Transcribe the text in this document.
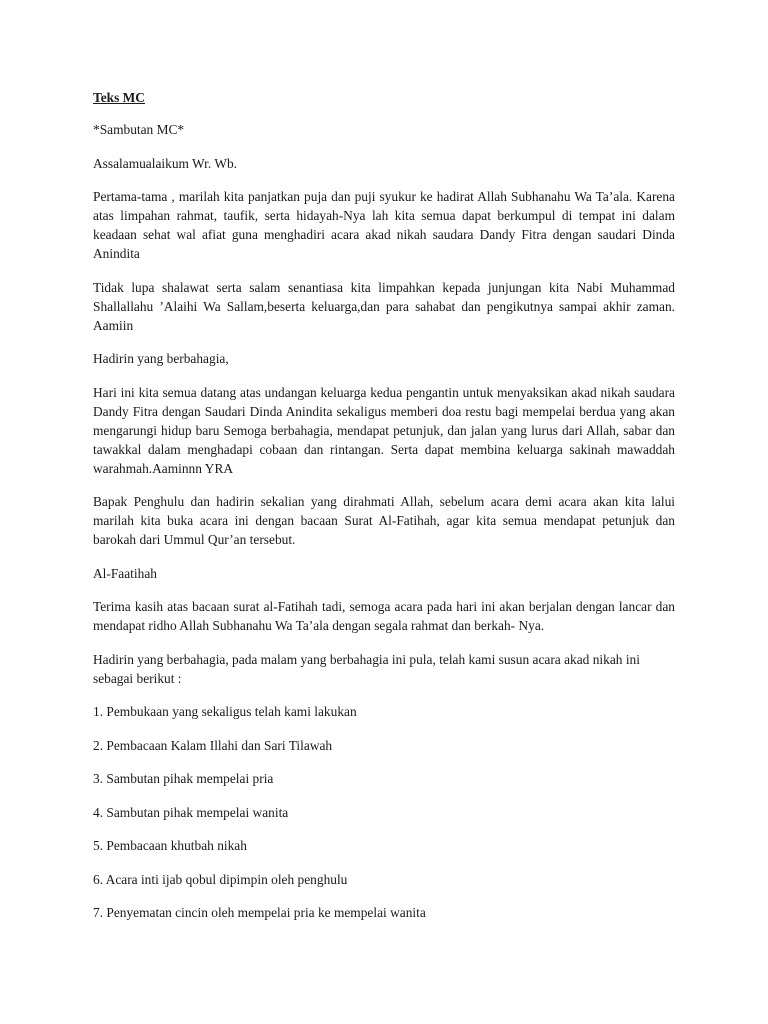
Teks MC

*Sambutan MC*

Assalamualaikum Wr. Wb.

Pertama-tama , marilah kita panjatkan puja dan puji syukur ke hadirat Allah Subhanahu Wa Ta’ala. Karena atas limpahan rahmat, taufik, serta hidayah-Nya lah kita semua dapat berkumpul di tempat ini dalam keadaan sehat wal afiat guna menghadiri acara akad nikah saudara Dandy Fitra dengan saudari Dinda Anindita

Tidak lupa shalawat serta salam senantiasa kita limpahkan kepada junjungan kita Nabi Muhammad Shallallahu ’Alaihi Wa Sallam,beserta keluarga,dan para sahabat dan pengikutnya sampai akhir zaman. Aamiin

Hadirin yang berbahagia,

Hari ini kita semua datang atas undangan keluarga kedua pengantin untuk menyaksikan akad nikah saudara Dandy Fitra dengan Saudari Dinda Anindita sekaligus memberi doa restu bagi mempelai berdua yang akan mengarungi hidup baru Semoga berbahagia, mendapat petunjuk, dan jalan yang lurus dari Allah, sabar dan tawakkal dalam menghadapi cobaan dan rintangan. Serta dapat membina keluarga sakinah mawaddah warahmah.Aaminnn YRA

Bapak Penghulu dan hadirin sekalian yang dirahmati Allah, sebelum acara demi acara akan kita lalui marilah kita buka acara ini dengan bacaan Surat Al-Fatihah, agar kita semua mendapat petunjuk dan barokah dari Ummul Qur’an tersebut.

Al-Faatihah

Terima kasih atas bacaan surat al-Fatihah tadi, semoga acara pada hari ini akan berjalan dengan lancar dan mendapat ridho Allah Subhanahu Wa Ta’ala dengan segala rahmat dan berkah- Nya.

Hadirin yang berbahagia, pada malam yang berbahagia ini pula, telah kami susun acara akad nikah ini sebagai berikut :

1. Pembukaan yang sekaligus telah kami lakukan

2. Pembacaan Kalam Illahi dan Sari Tilawah

3. Sambutan pihak mempelai pria

4. Sambutan pihak mempelai wanita

5. Pembacaan khutbah nikah

6. Acara inti ijab qobul dipimpin oleh penghulu

7. Penyematan cincin oleh mempelai pria ke mempelai wanita
